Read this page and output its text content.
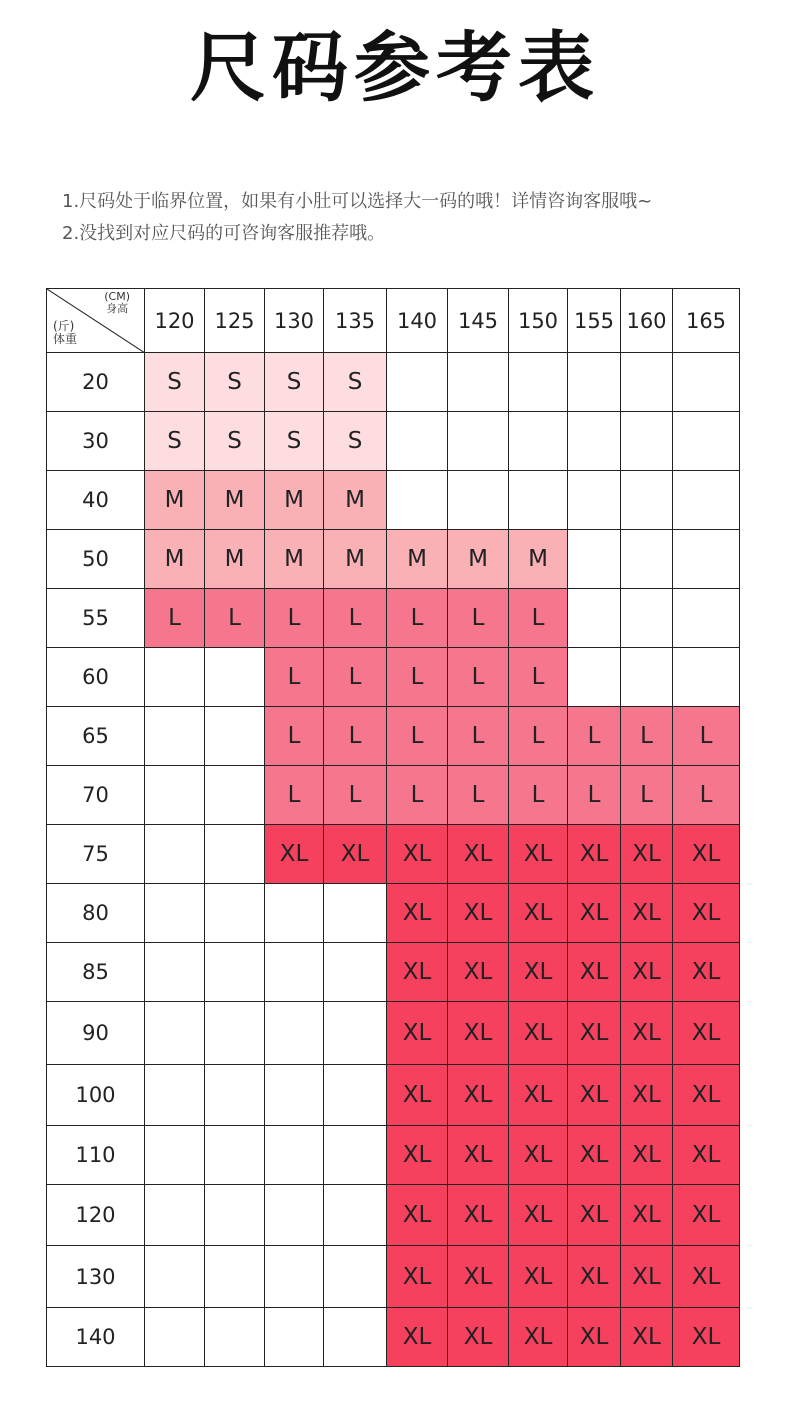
尺码参考表
1.尺码处于临界位置，如果有小肚可以选择大一码的哦！详情咨询客服哦~
2.没找到对应尺码的可咨询客服推荐哦。
(CM)
身高
(斤)
体重	120	125	130	135	140	145	150	155	160	165
20	S	S	S	S						
30	S	S	S	S						
40	M	M	M	M						
50	M	M	M	M	M	M	M			
55	L	L	L	L	L	L	L			
60			L	L	L	L	L			
65			L	L	L	L	L	L	L	L
70			L	L	L	L	L	L	L	L
75			XL	XL	XL	XL	XL	XL	XL	XL
80					XL	XL	XL	XL	XL	XL
85					XL	XL	XL	XL	XL	XL
90					XL	XL	XL	XL	XL	XL
100					XL	XL	XL	XL	XL	XL
110					XL	XL	XL	XL	XL	XL
120					XL	XL	XL	XL	XL	XL
130					XL	XL	XL	XL	XL	XL
140					XL	XL	XL	XL	XL	XL
